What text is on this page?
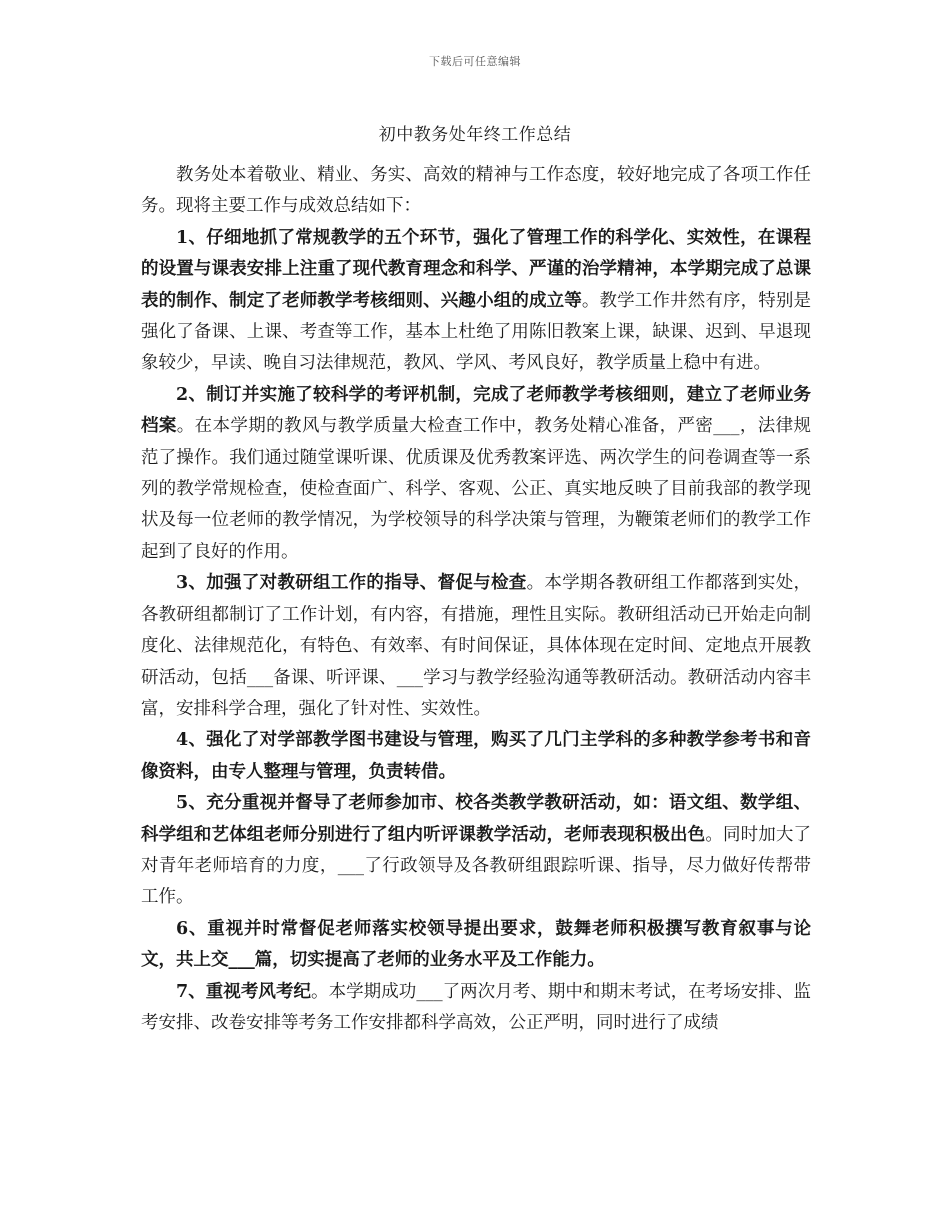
下载后可任意编辑
初中教务处年终工作总结

教务处本着敬业、精业、务实、高效的精神与工作态度，较好地完成了各项工作任务。现将主要工作与成效总结如下：

1、仔细地抓了常规教学的五个环节，强化了管理工作的科学化、实效性，在课程的设置与课表安排上注重了现代教育理念和科学、严谨的治学精神，本学期完成了总课表的制作、制定了老师教学考核细则、兴趣小组的成立等。教学工作井然有序，特别是强化了备课、上课、考查等工作，基本上杜绝了用陈旧教案上课，缺课、迟到、早退现象较少，早读、晚自习法律规范，教风、学风、考风良好，教学质量上稳中有进。

2、制订并实施了较科学的考评机制，完成了老师教学考核细则，建立了老师业务档案。在本学期的教风与教学质量大检查工作中，教务处精心准备，严密___，法律规范了操作。我们通过随堂课听课、优质课及优秀教案评选、两次学生的问卷调查等一系列的教学常规检查，使检查面广、科学、客观、公正、真实地反映了目前我部的教学现状及每一位老师的教学情况，为学校领导的科学决策与管理，为鞭策老师们的教学工作起到了良好的作用。

3、加强了对教研组工作的指导、督促与检查。本学期各教研组工作都落到实处，各教研组都制订了工作计划，有内容，有措施，理性且实际。教研组活动已开始走向制度化、法律规范化，有特色、有效率、有时间保证，具体体现在定时间、定地点开展教研活动，包括___备课、听评课、___学习与教学经验沟通等教研活动。教研活动内容丰富，安排科学合理，强化了针对性、实效性。

4、强化了对学部教学图书建设与管理，购买了几门主学科的多种教学参考书和音像资料，由专人整理与管理，负责转借。

5、充分重视并督导了老师参加市、校各类教学教研活动，如：语文组、数学组、科学组和艺体组老师分别进行了组内听评课教学活动，老师表现积极出色。同时加大了对青年老师培育的力度，___了行政领导及各教研组跟踪听课、指导，尽力做好传帮带工作。

6、重视并时常督促老师落实校领导提出要求，鼓舞老师积极撰写教育叙事与论文，共上交___篇，切实提高了老师的业务水平及工作能力。

7、重视考风考纪。本学期成功___了两次月考、期中和期末考试，在考场安排、监考安排、改卷安排等考务工作安排都科学高效，公正严明，同时进行了成绩
